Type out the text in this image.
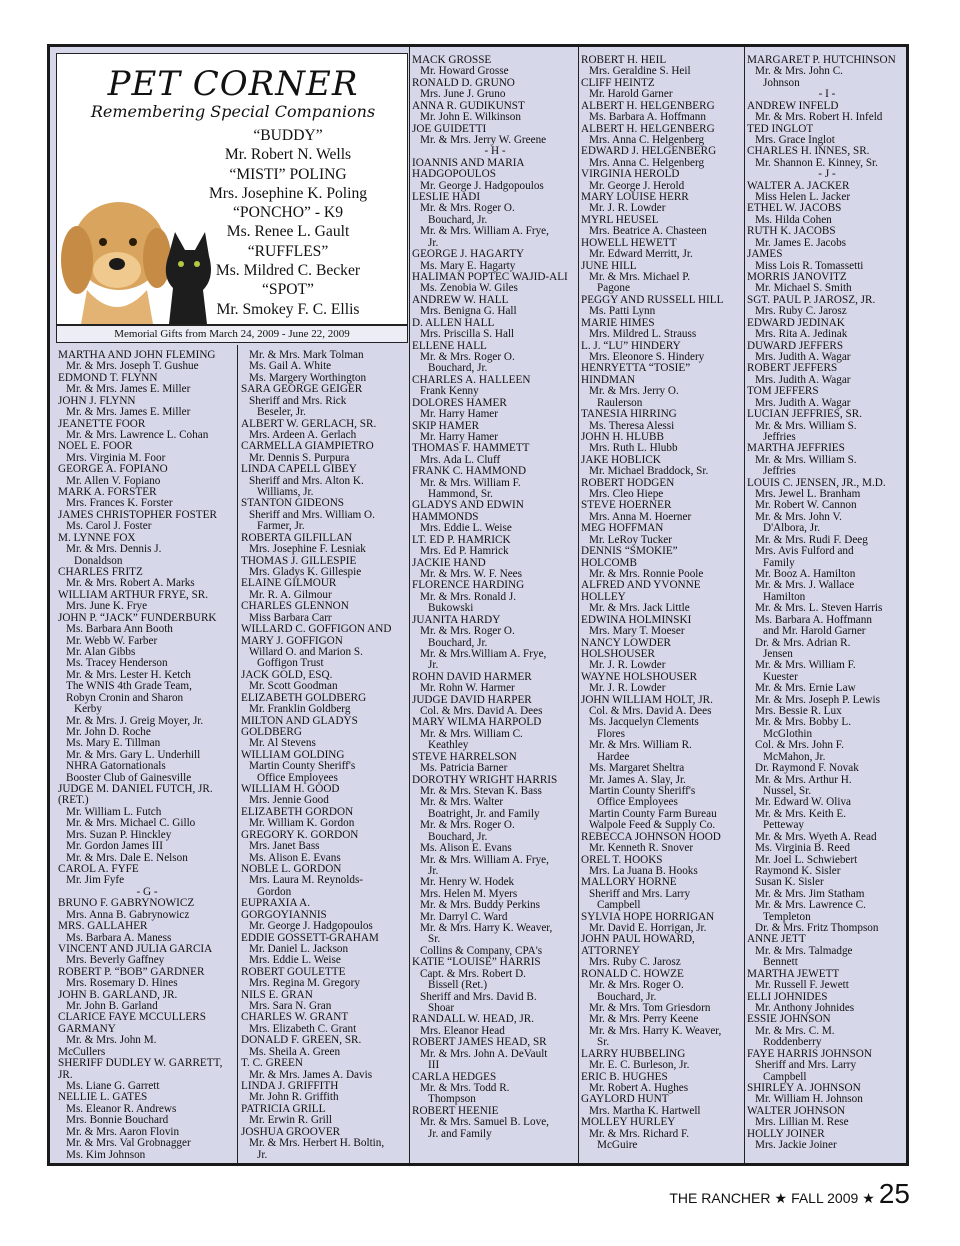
PET CORNER
Remembering Special Companions
“BUDDY”
Mr. Robert N. Wells
“MISTI” POLING
Mrs. Josephine K. Poling
“PONCHO” - K9
Ms. Renee L. Gault
“RUFFLES”
Ms. Mildred C. Becker
“SPOT”
Mr. Smokey F. C. Ellis
Memorial Gifts from March 24, 2009 - June 22, 2009
MARTHA AND JOHN FLEMING
Mr. & Mrs. Joseph T. Gushue
EDMOND T. FLYNN
Mr. & Mrs. James E. Miller
JOHN J. FLYNN
Mr. & Mrs. James E. Miller
JEANETTE FOOR
Mr. & Mrs. Lawrence L. Cohan
NOEL E. FOOR
Mrs. Virginia M. Foor
GEORGE A. FOPIANO
Mr. Allen V. Fopiano
MARK A. FORSTER
Mrs. Frances K. Forster
JAMES CHRISTOPHER FOSTER
Ms. Carol J. Foster
M. LYNNE FOX
Mr. & Mrs. Dennis J.
Donaldson
CHARLES FRITZ
Mr. & Mrs. Robert A. Marks
WILLIAM ARTHUR FRYE, SR.
Mrs. June K. Frye
JOHN P. “JACK” FUNDERBURK
Ms. Barbara Ann Booth
Mr. Webb W. Farber
Mr. Alan Gibbs
Ms. Tracey Henderson
Mr. & Mrs. Lester H. Ketch
The WNIS 4th Grade Team,
Robyn Cronin and Sharon
Kerby
Mr. & Mrs. J. Greig Moyer, Jr.
Mr. John D. Roche
Ms. Mary E. Tillman
Mr. & Mrs. Gary L. Underhill
NHRA Gatornationals
Booster Club of Gainesville
JUDGE M. DANIEL FUTCH, JR.
(RET.)
Mr. William L. Futch
Mr. & Mrs. Michael C. Gillo
Mrs. Suzan P. Hinckley
Mr. Gordon James III
Mr. & Mrs. Dale E. Nelson
CAROL A. FYFE
Mr. Jim Fyfe
- G -
BRUNO F. GABRYNOWICZ
Mrs. Anna B. Gabrynowicz
MRS. GALLAHER
Ms. Barbara A. Maness
VINCENT AND JULIA GARCIA
Mrs. Beverly Gaffney
ROBERT P. “BOB” GARDNER
Mrs. Rosemary D. Hines
JOHN B. GARLAND, JR.
Mr. John B. Garland
CLARICE FAYE MCCULLERS
GARMANY
Mr. & Mrs. John M.
McCullers
SHERIFF DUDLEY W. GARRETT,
JR.
Ms. Liane G. Garrett
NELLIE L. GATES
Ms. Eleanor R. Andrews
Mrs. Bonnie Bouchard
Mr. & Mrs. Aaron Flovin
Mr. & Mrs. Val Grobnagger
Ms. Kim Johnson
Mr. & Mrs. Mark Tolman
Ms. Gail A. White
Ms. Margery Worthington
SARA GEORGE GEIGER
Sheriff and Mrs. Rick
Beseler, Jr.
ALBERT W. GERLACH, SR.
Mrs. Ardeen A. Gerlach
CARMELLA GIAMPIETRO
Mr. Dennis S. Purpura
LINDA CAPELL GIBEY
Sheriff and Mrs. Alton K.
Williams, Jr.
STANTON GIDEONS
Sheriff and Mrs. William O.
Farmer, Jr.
ROBERTA GILFILLAN
Mrs. Josephine F. Lesniak
THOMAS J. GILLESPIE
Mrs. Gladys K. Gillespie
ELAINE GILMOUR
Mr. R. A. Gilmour
CHARLES GLENNON
Miss Barbara Carr
WILLARD C. GOFFIGON AND
MARY J. GOFFIGON
Willard O. and Marion S.
Goffigon Trust
JACK GOLD, ESQ.
Mr. Scott Goodman
ELIZABETH GOLDBERG
Mr. Franklin Goldberg
MILTON AND GLADYS
GOLDBERG
Mr. Al Stevens
WILLIAM GOLDING
Martin County Sheriff's
Office Employees
WILLIAM H. GOOD
Mrs. Jennie Good
ELIZABETH GORDON
Mr. William K. Gordon
GREGORY K. GORDON
Mrs. Janet Bass
Ms. Alison E. Evans
NOBLE L. GORDON
Mrs. Laura M. Reynolds-
Gordon
EUPRAXIA A.
GORGOYIANNIS
Mr. George J. Hadgopoulos
EDDIE GOSSETT-GRAHAM
Mr. Daniel L. Jackson
Mrs. Eddie L. Weise
ROBERT GOULETTE
Mrs. Regina M. Gregory
NILS E. GRAN
Mrs. Sara N. Gran
CHARLES W. GRANT
Mrs. Elizabeth C. Grant
DONALD F. GREEN, SR.
Ms. Sheila A. Green
T. C. GREEN
Mr. & Mrs. James A. Davis
LINDA J. GRIFFITH
Mr. John R. Griffith
PATRICIA GRILL
Mr. Erwin R. Grill
JOSHUA GROOVER
Mr. & Mrs. Herbert H. Boltin,
Jr.
MACK GROSSE
Mr. Howard Grosse
RONALD D. GRUNO
Mrs. June J. Gruno
ANNA R. GUDIKUNST
Mr. John E. Wilkinson
JOE GUIDETTI
Mr. & Mrs. Jerry W. Greene
- H -
IOANNIS AND MARIA
HADGOPOULOS
Mr. George J. Hadgopoulos
LESLIE HADI
Mr. & Mrs. Roger O.
Bouchard, Jr.
Mr. & Mrs. William A. Frye,
Jr.
GEORGE J. HAGARTY
Ms. Mary E. Hagarty
HALIMAN POPTEC WAJID-ALI
Ms. Zenobia W. Giles
ANDREW W. HALL
Mrs. Benigna G. Hall
D. ALLEN HALL
Mrs. Priscilla S. Hall
ELLENE HALL
Mr. & Mrs. Roger O.
Bouchard, Jr.
CHARLES A. HALLEEN
Frank Kenny
DOLORES HAMER
Mr. Harry Hamer
SKIP HAMER
Mr. Harry Hamer
THOMAS F. HAMMETT
Mrs. Ada L. Cluff
FRANK C. HAMMOND
Mr. & Mrs. William F.
Hammond, Sr.
GLADYS AND EDWIN
HAMMONDS
Mrs. Eddie L. Weise
LT. ED P. HAMRICK
Mrs. Ed P. Hamrick
JACKIE HAND
Mr. & Mrs. W. F. Nees
FLORENCE HARDING
Mr. & Mrs. Ronald J.
Bukowski
JUANITA HARDY
Mr. & Mrs. Roger O.
Bouchard, Jr.
Mr. & Mrs.William A. Frye,
Jr.
ROHN DAVID HARMER
Mr. Rohn W. Harmer
JUDGE DAVID HARPER
Col. & Mrs. David A. Dees
MARY WILMA HARPOLD
Mr. & Mrs. William C.
Keathley
STEVE HARRELSON
Ms. Patricia Barner
DOROTHY WRIGHT HARRIS
Mr. & Mrs. Stevan K. Bass
Mr. & Mrs. Walter
Boatright, Jr. and Family
Mr. & Mrs. Roger O.
Bouchard, Jr.
Ms. Alison E. Evans
Mr. & Mrs. William A. Frye,
Jr.
Mr. Henry W. Hodek
Mrs. Helen M. Myers
Mr. & Mrs. Buddy Perkins
Mr. Darryl C. Ward
Mr. & Mrs. Harry K. Weaver,
Sr.
Collins & Company, CPA's
KATIE “LOUISE” HARRIS
Capt. & Mrs. Robert D.
Bissell (Ret.)
Sheriff and Mrs. David B.
Shoar
RANDALL W. HEAD, JR.
Mrs. Eleanor Head
ROBERT JAMES HEAD, SR
Mr. & Mrs. John A. DeVault
III
CARLA HEDGES
Mr. & Mrs. Todd R.
Thompson
ROBERT HEENIE
Mr. & Mrs. Samuel B. Love,
Jr. and Family
ROBERT H. HEIL
Mrs. Geraldine S. Heil
CLIFF HEINTZ
Mr. Harold Garner
ALBERT H. HELGENBERG
Ms. Barbara A. Hoffmann
ALBERT H. HELGENBERG
Mrs. Anna C. Helgenberg
EDWARD J. HELGENBERG
Mrs. Anna C. Helgenberg
VIRGINIA HEROLD
Mr. George J. Herold
MARY LOUISE HERR
Mr. J. R. Lowder
MYRL HEUSEL
Mrs. Beatrice A. Chasteen
HOWELL HEWETT
Mr. Edward Merritt, Jr.
JUNE HILL
Mr. & Mrs. Michael P.
Pagone
PEGGY AND RUSSELL HILL
Ms. Patti Lynn
MARIE HIMES
Mrs. Mildred L. Strauss
L. J. “LU” HINDERY
Mrs. Eleonore S. Hindery
HENRYETTA “TOSIE”
HINDMAN
Mr. & Mrs. Jerry O.
Raulerson
TANESIA HIRRING
Ms. Theresa Alessi
JOHN H. HLUBB
Mrs. Ruth L. Hlubb
JAKE HOBLICK
Mr. Michael Braddock, Sr.
ROBERT HODGEN
Mrs. Cleo Hiepe
STEVE HOERNER
Mrs. Anna M. Hoerner
MEG HOFFMAN
Mr. LeRoy Tucker
DENNIS “SMOKIE”
HOLCOMB
Mr. & Mrs. Ronnie Poole
ALFRED AND YVONNE
HOLLEY
Mr. & Mrs. Jack Little
EDWINA HOLMINSKI
Mrs. Mary T. Moeser
NANCY LOWDER
HOLSHOUSER
Mr. J. R. Lowder
WAYNE HOLSHOUSER
Mr. J. R. Lowder
JOHN WILLIAM HOLT, JR.
Col. & Mrs. David A. Dees
Ms. Jacquelyn Clements
Flores
Mr. & Mrs. William R.
Hardee
Ms. Margaret Sheltra
Mr. James A. Slay, Jr.
Martin County Sheriff's
Office Employees
Martin County Farm Bureau
Walpole Feed & Supply Co.
REBECCA JOHNSON HOOD
Mr. Kenneth R. Snover
OREL T. HOOKS
Mrs. La Juana B. Hooks
MALLORY HORNE
Sheriff and Mrs. Larry
Campbell
SYLVIA HOPE HORRIGAN
Mr. David E. Horrigan, Jr.
JOHN PAUL HOWARD,
ATTORNEY
Mrs. Ruby C. Jarosz
RONALD C. HOWZE
Mr. & Mrs. Roger O.
Bouchard, Jr.
Mr. & Mrs. Tom Griesdorn
Mr. & Mrs. Perry Keene
Mr. & Mrs. Harry K. Weaver,
Sr.
LARRY HUBBELING
Mr. E. C. Burleson, Jr.
ERIC B. HUGHES
Mr. Robert A. Hughes
GAYLORD HUNT
Mrs. Martha K. Hartwell
MOLLEY HURLEY
Mr. & Mrs. Richard F.
McGuire
MARGARET P. HUTCHINSON
Mr. & Mrs. John C.
Johnson
- I -
ANDREW INFELD
Mr. & Mrs. Robert H. Infeld
TED INGLOT
Mrs. Grace Inglot
CHARLES H. INNES, SR.
Mr. Shannon E. Kinney, Sr.
- J -
WALTER A. JACKER
Miss Helen L. Jacker
ETHEL W. JACOBS
Ms. Hilda Cohen
RUTH K. JACOBS
Mr. James E. Jacobs
JAMES
Miss Lois R. Tomassetti
MORRIS JANOVITZ
Mr. Michael S. Smith
SGT. PAUL P. JAROSZ, JR.
Mrs. Ruby C. Jarosz
EDWARD JEDINAK
Mrs. Rita A. Jedinak
DUWARD JEFFERS
Mrs. Judith A. Wagar
ROBERT JEFFERS
Mrs. Judith A. Wagar
TOM JEFFERS
Mrs. Judith A. Wagar
LUCIAN JEFFRIES, SR.
Mr. & Mrs. William S.
Jeffries
MARTHA JEFFRIES
Mr. & Mrs. William S.
Jeffries
LOUIS C. JENSEN, JR., M.D.
Mrs. Jewel L. Branham
Mr. Robert W. Cannon
Mr. & Mrs. John V.
D'Albora, Jr.
Mr. & Mrs. Rudi F. Deeg
Mrs. Avis Fulford and
Family
Mr. Booz A. Hamilton
Mr. & Mrs. J. Wallace
Hamilton
Mr. & Mrs. L. Steven Harris
Ms. Barbara A. Hoffmann
and Mr. Harold Garner
Dr. & Mrs. Adrian R.
Jensen
Mr. & Mrs. William F.
Kuester
Mr. & Mrs. Ernie Law
Mr. & Mrs. Joseph P. Lewis
Mrs. Bessie R. Lux
Mr. & Mrs. Bobby L.
McGlothin
Col. & Mrs. John F.
McMahon, Jr.
Dr. Raymond F. Novak
Mr. & Mrs. Arthur H.
Nussel, Sr.
Mr. Edward W. Oliva
Mr. & Mrs. Keith E.
Petteway
Mr. & Mrs. Wyeth A. Read
Ms. Virginia B. Reed
Mr. Joel L. Schwiebert
Raymond K. Sisler
Susan K. Sisler
Mr. & Mrs. Jim Statham
Mr. & Mrs. Lawrence C.
Templeton
Dr. & Mrs. Fritz Thompson
ANNE JETT
Mr. & Mrs. Talmadge
Bennett
MARTHA JEWETT
Mr. Russell F. Jewett
ELLI JOHNIDES
Mr. Anthony Johnides
ESSIE JOHNSON
Mr. & Mrs. C. M.
Roddenberry
FAYE HARRIS JOHNSON
Sheriff and Mrs. Larry
Campbell
SHIRLEY A. JOHNSON
Mr. William H. Johnson
WALTER JOHNSON
Mrs. Lillian M. Rese
HOLLY JOINER
Mrs. Jackie Joiner
THE RANCHER ★ FALL 2009 ★ 25
